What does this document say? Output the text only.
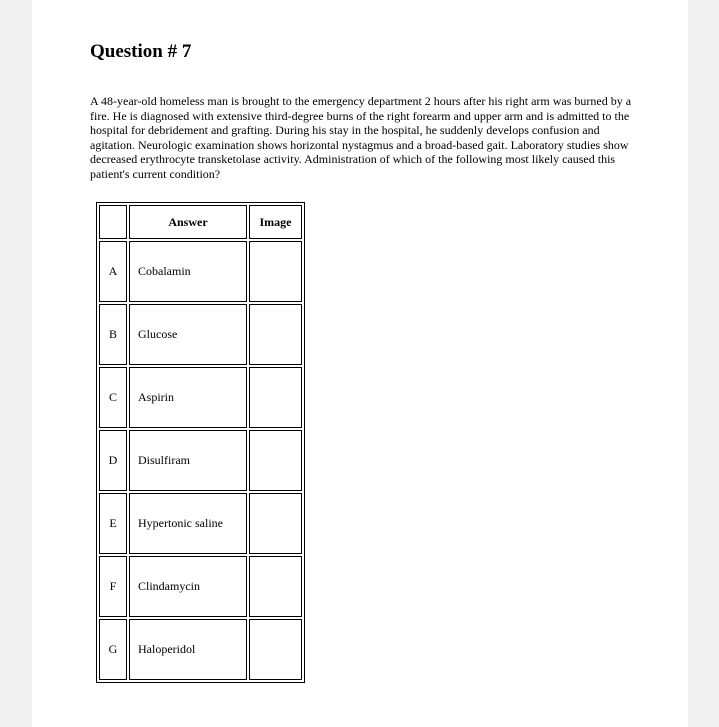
Question # 7

A 48-year-old homeless man is brought to the emergency department 2 hours after his right arm was burned by a fire. He is diagnosed with extensive third-degree burns of the right forearm and upper arm and is admitted to the hospital for debridement and grafting. During his stay in the hospital, he suddenly develops confusion and agitation. Neurologic examination shows horizontal nystagmus and a broad-based gait. Laboratory studies show decreased erythrocyte transketolase activity. Administration of which of the following most likely caused this patient's current condition?

	Answer	Image
A	Cobalamin	
B	Glucose	
C	Aspirin	
D	Disulfiram	
E	Hypertonic saline	
F	Clindamycin	
G	Haloperidol	
